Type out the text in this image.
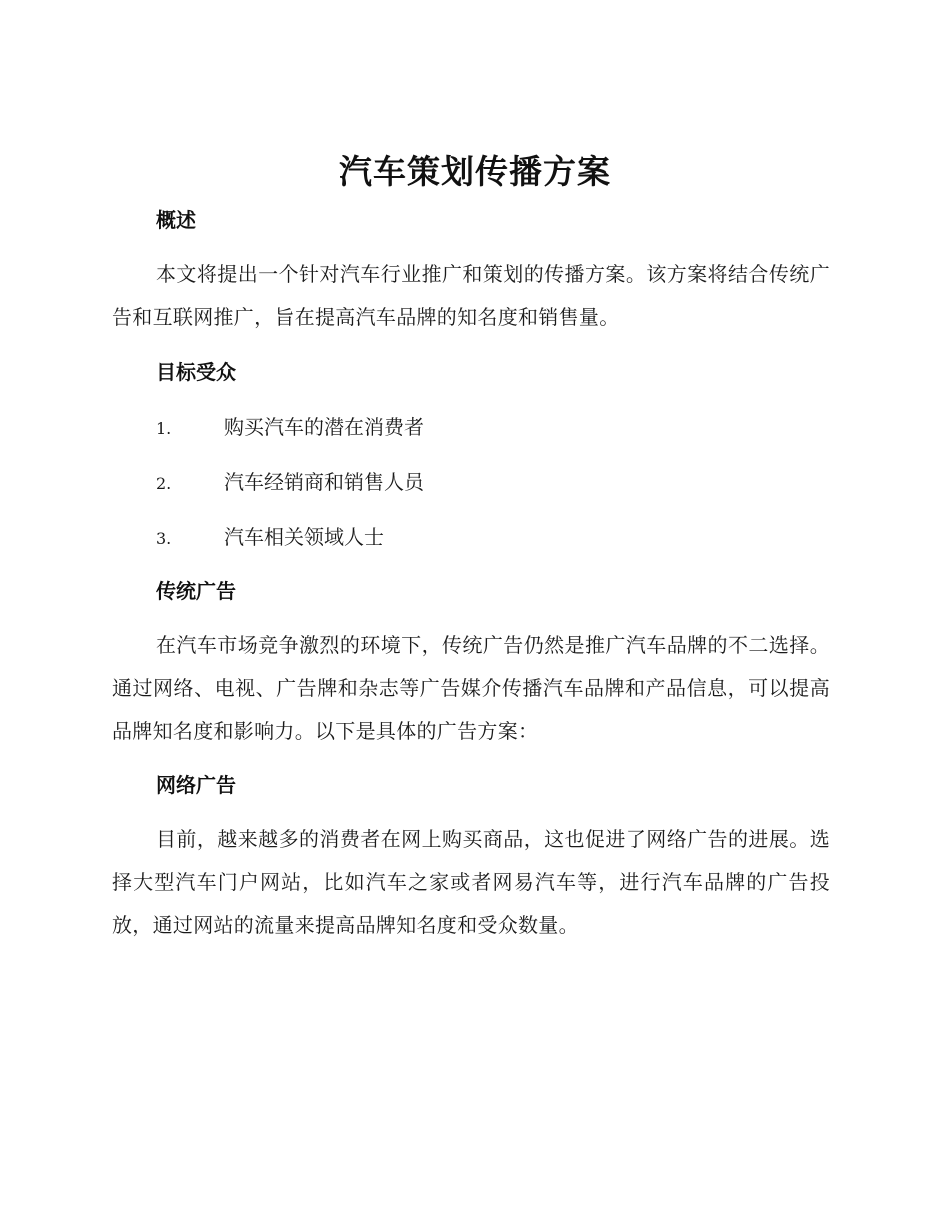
汽车策划传播方案
概述
本文将提出一个针对汽车行业推广和策划的传播方案。该方案将结合传统广告和互联网推广，旨在提高汽车品牌的知名度和销售量。
目标受众
1.	购买汽车的潜在消费者
2.	汽车经销商和销售人员
3.	汽车相关领域人士
传统广告
在汽车市场竞争激烈的环境下，传统广告仍然是推广汽车品牌的不二选择。通过网络、电视、广告牌和杂志等广告媒介传播汽车品牌和产品信息，可以提高品牌知名度和影响力。以下是具体的广告方案：
网络广告
目前，越来越多的消费者在网上购买商品，这也促进了网络广告的进展。选择大型汽车门户网站，比如汽车之家或者网易汽车等，进行汽车品牌的广告投放，通过网站的流量来提高品牌知名度和受众数量。
